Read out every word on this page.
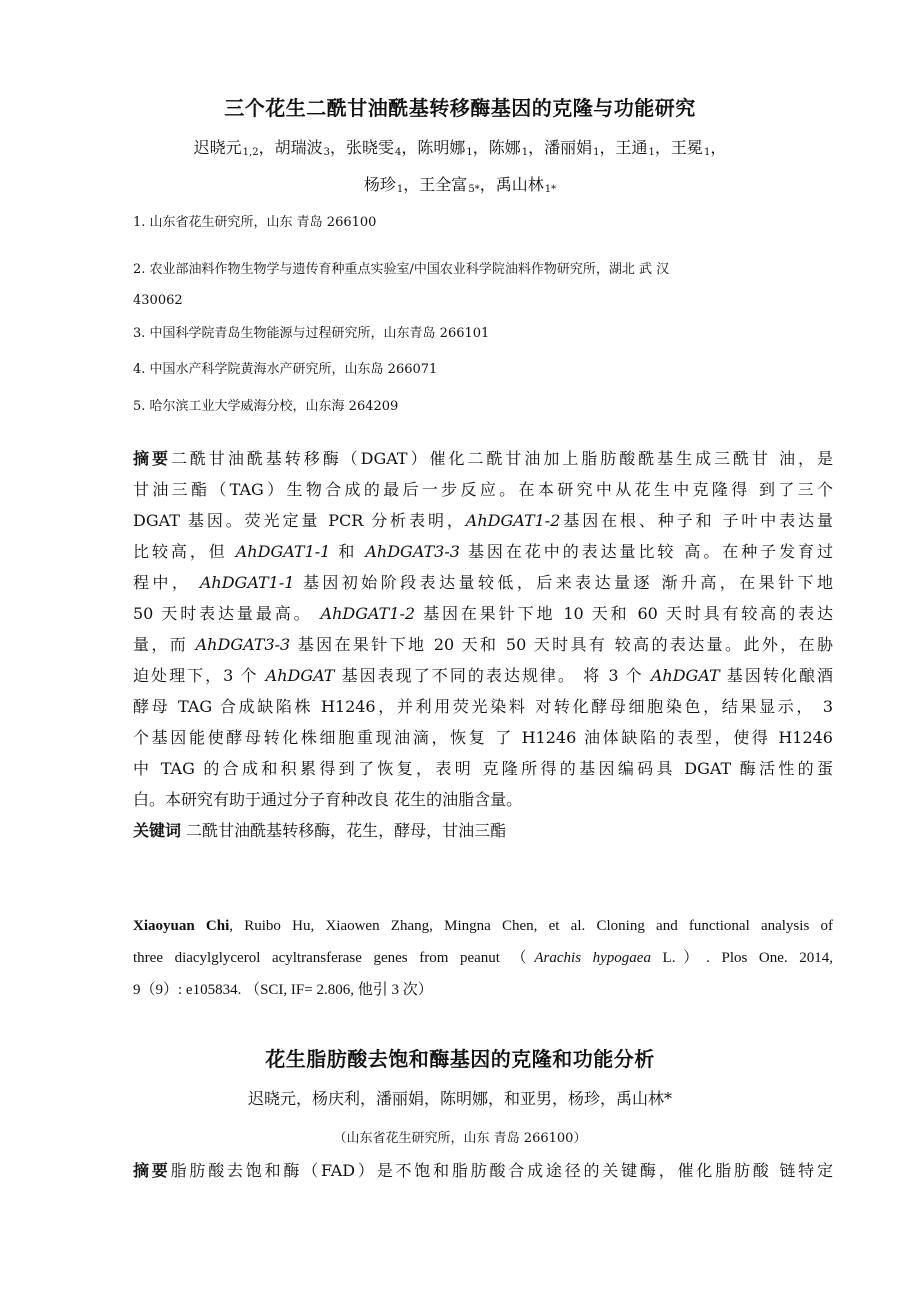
三个花生二酰甘油酰基转移酶基因的克隆与功能研究
迟晓元$_{1,2}$，胡瑞波$_3$，张晓雯$_4$，陈明娜$_1$，陈娜$_1$，潘丽娟$_1$，王通$_1$，王冕$_1$，
杨珍$_1$，王全富$_{5*}$，禹山林$_{1*}$
1. 山东省花生研究所，山东 青岛 266100
2. 农业部油料作物生物学与遗传育种重点实验室/中国农业科学院油料作物研究所，湖北 武 汉
430062
3. 中国科学院青岛生物能源与过程研究所，山东青岛 266101
4. 中国水产科学院黄海水产研究所，山东岛 266071
5. 哈尔滨工业大学威海分校，山东海 264209
摘要二酰甘油酰基转移酶（DGAT）催化二酰甘油加上脂肪酸酰基生成三酰甘 油，是
甘油三酯（TAG）生物合成的最后一步反应。在本研究中从花生中克隆得 到了三个
DGAT 基因。荧光定量 PCR 分析表明，AhDGAT1-2基因在根、种子和 子叶中表达量
比较高，但 AhDGAT1-1 和 AhDGAT3-3 基因在花中的表达量比较 高。在种子发育过
程中， AhDGAT1-1 基因初始阶段表达量较低，后来表达量逐 渐升高，在果针下地
50 天时表达量最高。 AhDGAT1-2 基因在果针下地 10 天和 60 天时具有较高的表达
量，而 AhDGAT3-3 基因在果针下地 20 天和 50 天时具有 较高的表达量。此外，在胁
迫处理下，3 个 AhDGAT 基因表现了不同的表达规律。 将 3 个 AhDGAT 基因转化酿酒
酵母 TAG 合成缺陷株 H1246，并利用荧光染料 对转化酵母细胞染色，结果显示， 3
个基因能使酵母转化株细胞重现油滴，恢复 了 H1246 油体缺陷的表型，使得 H1246
中 TAG 的合成和积累得到了恢复，表明 克隆所得的基因编码具 DGAT 酶活性的蛋
白。本研究有助于通过分子育种改良 花生的油脂含量。
关键词 二酰甘油酰基转移酶，花生，酵母，甘油三酯
Xiaoyuan Chi, Ruibo Hu, Xiaowen Zhang, Mingna Chen, et al. Cloning and functional analysis of
three diacylglycerol acyltransferase genes from peanut （Arachis hypogaea L.）. Plos One. 2014,
9（9）: e105834. （SCI, IF= 2.806, 他引 3 次）
花生脂肪酸去饱和酶基因的克隆和功能分析
迟晓元，杨庆利，潘丽娟，陈明娜，和亚男，杨珍，禹山林*
（山东省花生研究所，山东 青岛 266100）
摘要脂肪酸去饱和酶（FAD）是不饱和脂肪酸合成途径的关键酶，催化脂肪酸 链特定
